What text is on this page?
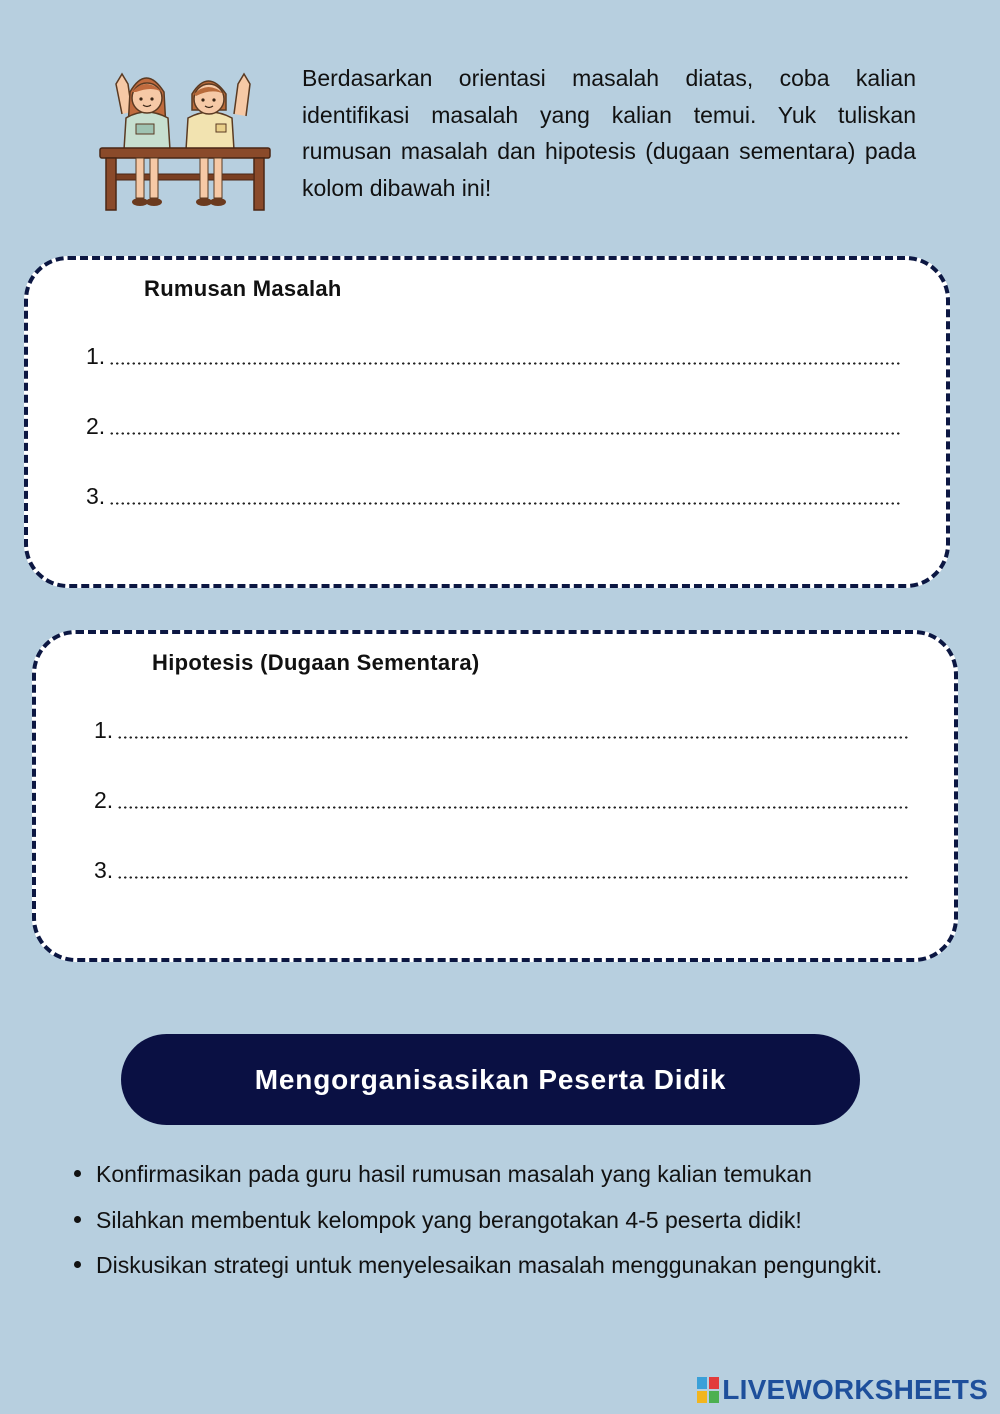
Berdasarkan orientasi masalah diatas, coba kalian identifikasi masalah yang kalian temui. Yuk tuliskan rumusan masalah dan hipotesis (dugaan sementara) pada kolom dibawah ini!

Rumusan Masalah
1.
2.
3.
Hipotesis (Dugaan Sementara)
1.
2.
3.
Mengorganisasikan Peserta Didik
Konfirmasikan pada guru hasil rumusan masalah yang kalian temukan
Silahkan membentuk kelompok yang berangotakan 4-5 peserta didik!
Diskusikan strategi untuk menyelesaikan masalah menggunakan pengungkit.
LIVEWORKSHEETS
